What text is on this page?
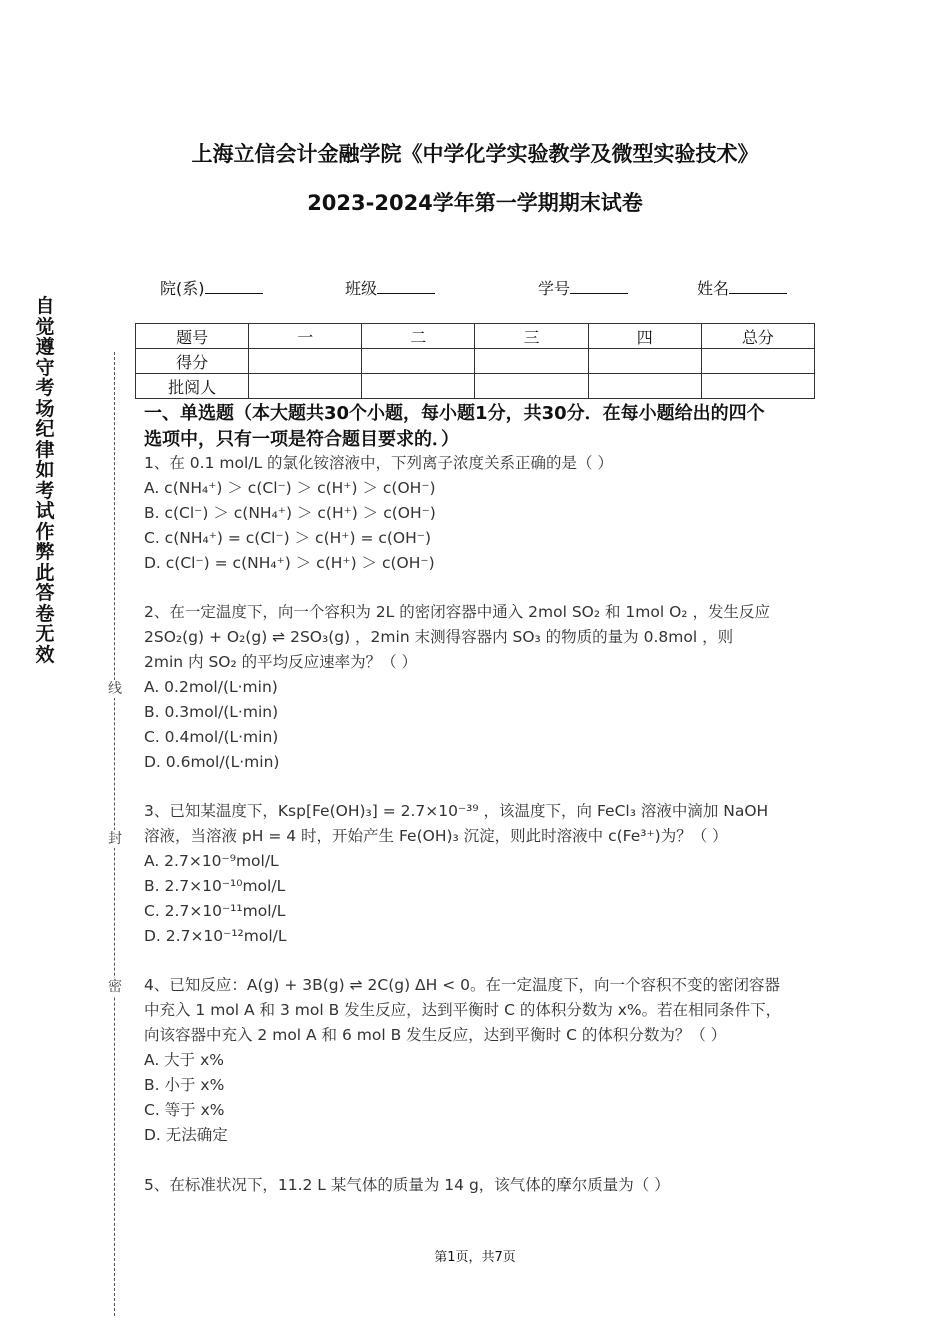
上海立信会计金融学院《中学化学实验教学及微型实验技术》
2023-2024学年第一学期期末试卷
自觉遵守考场纪律如考试作弊此答卷无效
线
封
密
院(系)	班级	学号	姓名
题号	一	二	三	四	总分
得分					
批阅人					
一、单选题（本大题共30个小题，每小题1分，共30分．在每小题给出的四个
选项中，只有一项是符合题目要求的．）
1、在 0.1 mol/L 的氯化铵溶液中，下列离子浓度关系正确的是（ ）
A. c(NH₄⁺) ＞ c(Cl⁻) ＞ c(H⁺) ＞ c(OH⁻)
B. c(Cl⁻) ＞ c(NH₄⁺) ＞ c(H⁺) ＞ c(OH⁻)
C. c(NH₄⁺) = c(Cl⁻) ＞ c(H⁺) = c(OH⁻)
D. c(Cl⁻) = c(NH₄⁺) ＞ c(H⁺) ＞ c(OH⁻)
2、在一定温度下，向一个容积为 2L 的密闭容器中通入 2mol SO₂ 和 1mol O₂ ，发生反应
2SO₂(g) + O₂(g) ⇌ 2SO₃(g) ，2min 末测得容器内 SO₃ 的物质的量为 0.8mol ，则
2min 内 SO₂ 的平均反应速率为？（ ）
A. 0.2mol/(L·min)
B. 0.3mol/(L·min)
C. 0.4mol/(L·min)
D. 0.6mol/(L·min)
3、已知某温度下，Ksp[Fe(OH)₃] = 2.7×10⁻³⁹ ，该温度下，向 FeCl₃ 溶液中滴加 NaOH
溶液，当溶液 pH = 4 时，开始产生 Fe(OH)₃ 沉淀，则此时溶液中 c(Fe³⁺)为？（ ）
A. 2.7×10⁻⁹mol/L
B. 2.7×10⁻¹⁰mol/L
C. 2.7×10⁻¹¹mol/L
D. 2.7×10⁻¹²mol/L
4、已知反应：A(g) + 3B(g) ⇌ 2C(g) ΔH < 0。在一定温度下，向一个容积不变的密闭容器
中充入 1 mol A 和 3 mol B 发生反应，达到平衡时 C 的体积分数为 x%。若在相同条件下，
向该容器中充入 2 mol A 和 6 mol B 发生反应，达到平衡时 C 的体积分数为？（ ）
A. 大于 x%
B. 小于 x%
C. 等于 x%
D. 无法确定
5、在标准状况下，11.2 L 某气体的质量为 14 g，该气体的摩尔质量为（ ）
第1页，共7页
